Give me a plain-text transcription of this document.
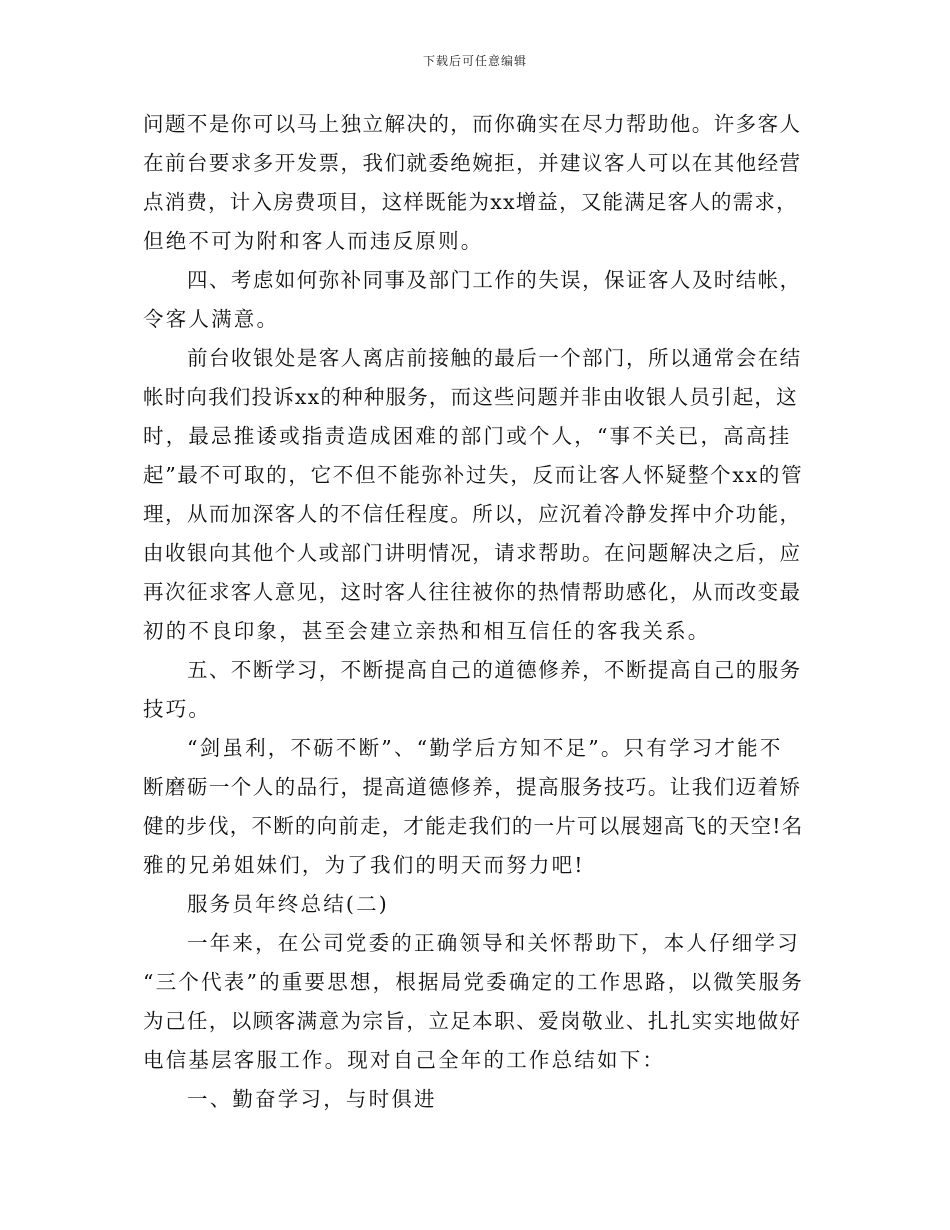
下载后可任意编辑
问题不是你可以马上独立解决的，而你确实在尽力帮助他。许多客人
在前台要求多开发票，我们就委绝婉拒，并建议客人可以在其他经营
点消费，计入房费项目，这样既能为xx增益，又能满足客人的需求，
但绝不可为附和客人而违反原则。
四、考虑如何弥补同事及部门工作的失误，保证客人及时结帐，
令客人满意。
前台收银处是客人离店前接触的最后一个部门，所以通常会在结
帐时向我们投诉xx的种种服务，而这些问题并非由收银人员引起，这
时，最忌推诿或指责造成困难的部门或个人，“事不关已，高高挂
起”最不可取的，它不但不能弥补过失，反而让客人怀疑整个xx的管
理，从而加深客人的不信任程度。所以，应沉着冷静发挥中介功能，
由收银向其他个人或部门讲明情况，请求帮助。在问题解决之后，应
再次征求客人意见，这时客人往往被你的热情帮助感化，从而改变最
初的不良印象，甚至会建立亲热和相互信任的客我关系。
五、不断学习，不断提高自己的道德修养，不断提高自己的服务
技巧。
“剑虽利，不砺不断”、“勤学后方知不足”。只有学习才能不
断磨砺一个人的品行，提高道德修养，提高服务技巧。让我们迈着矫
健的步伐，不断的向前走，才能走我们的一片可以展翅高飞的天空!名
雅的兄弟姐妹们，为了我们的明天而努力吧!
服务员年终总结(二)
一年来，在公司党委的正确领导和关怀帮助下，本人仔细学习
“三个代表”的重要思想，根据局党委确定的工作思路，以微笑服务
为己任，以顾客满意为宗旨，立足本职、爱岗敬业、扎扎实实地做好
电信基层客服工作。现对自己全年的工作总结如下：
一、勤奋学习，与时俱进
